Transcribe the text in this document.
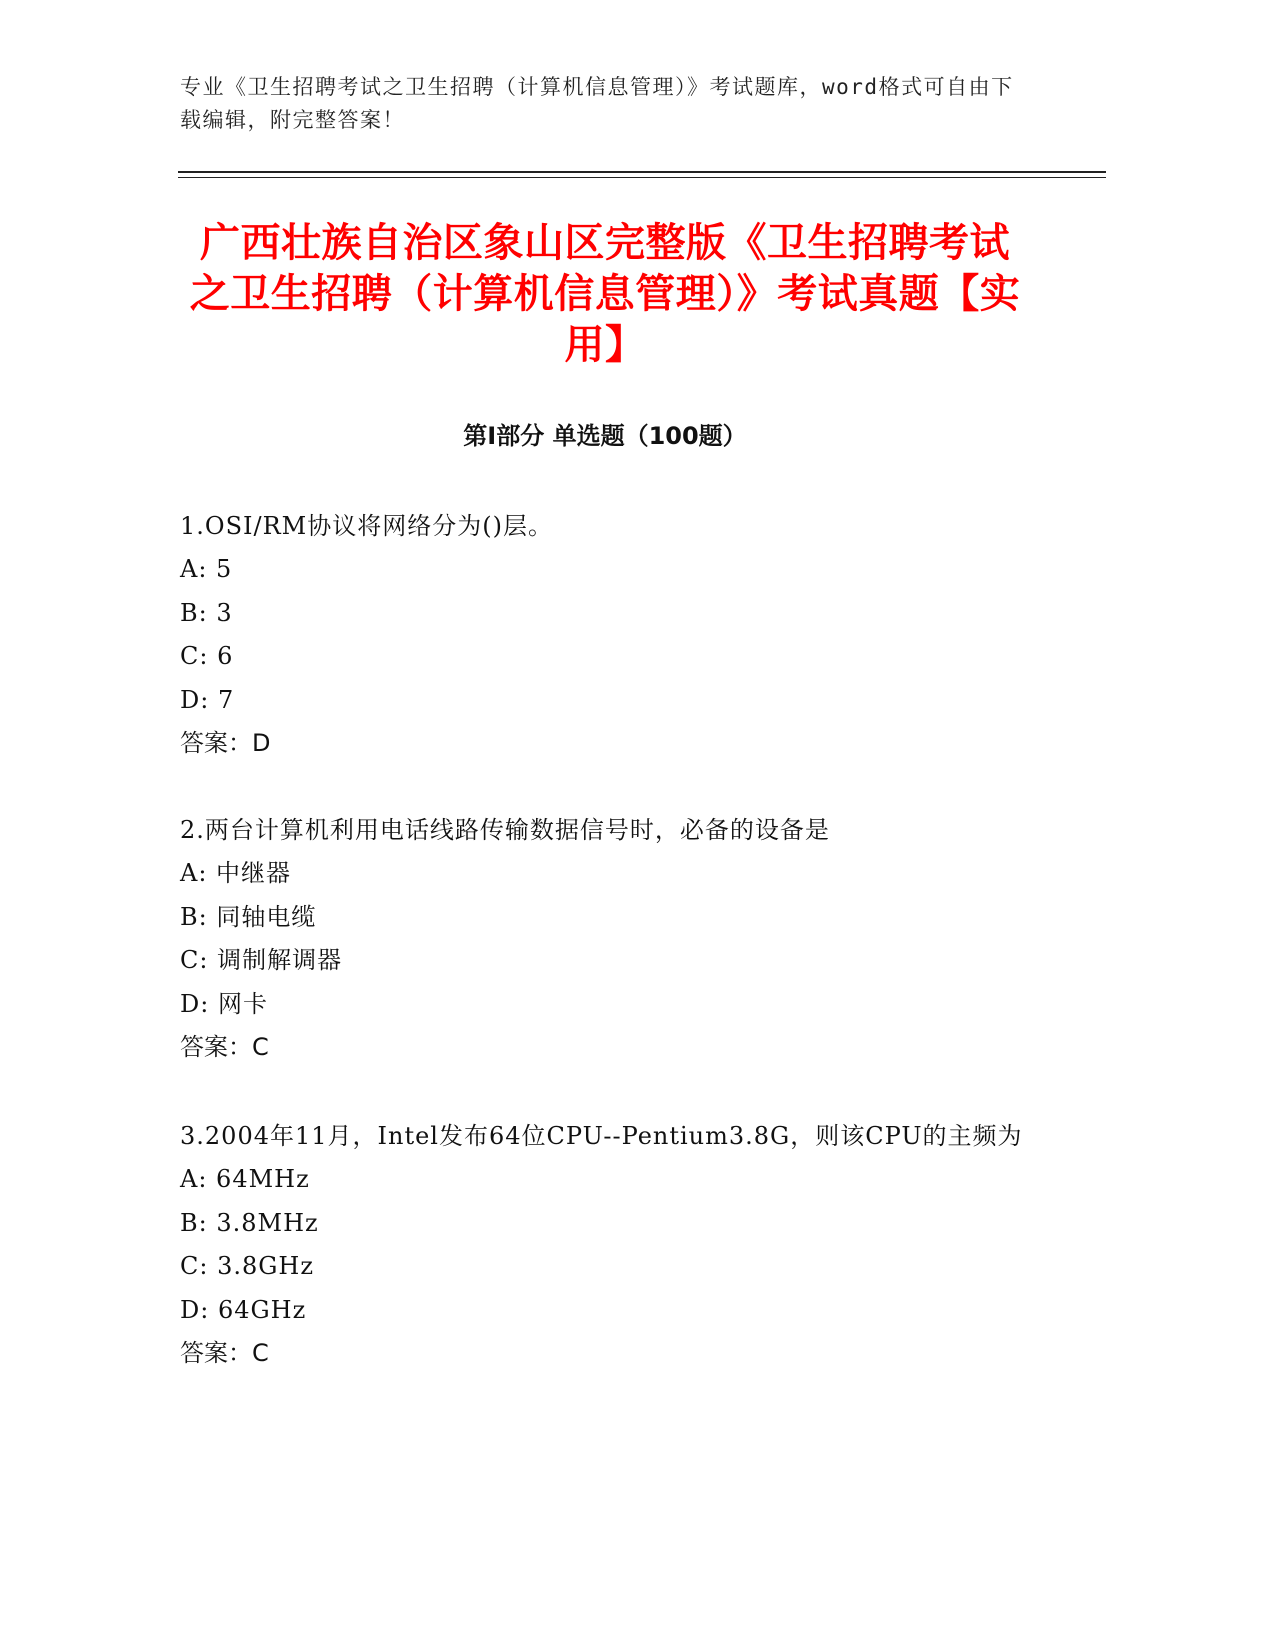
专业《卫生招聘考试之卫生招聘（计算机信息管理）》考试题库，word格式可自由下载编辑，附完整答案！
广西壮族自治区象山区完整版《卫生招聘考试之卫生招聘（计算机信息管理）》考试真题【实用】
第Ⅰ部分 单选题（100题）
1.OSI/RM协议将网络分为()层。
A: 5
B: 3
C: 6
D: 7
答案：D
2.两台计算机利用电话线路传输数据信号时，必备的设备是
A: 中继器
B: 同轴电缆
C: 调制解调器
D: 网卡
答案：C
3.2004年11月，Intel发布64位CPU--Pentium3.8G，则该CPU的主频为
A: 64MHz
B: 3.8MHz
C: 3.8GHz
D: 64GHz
答案：C
